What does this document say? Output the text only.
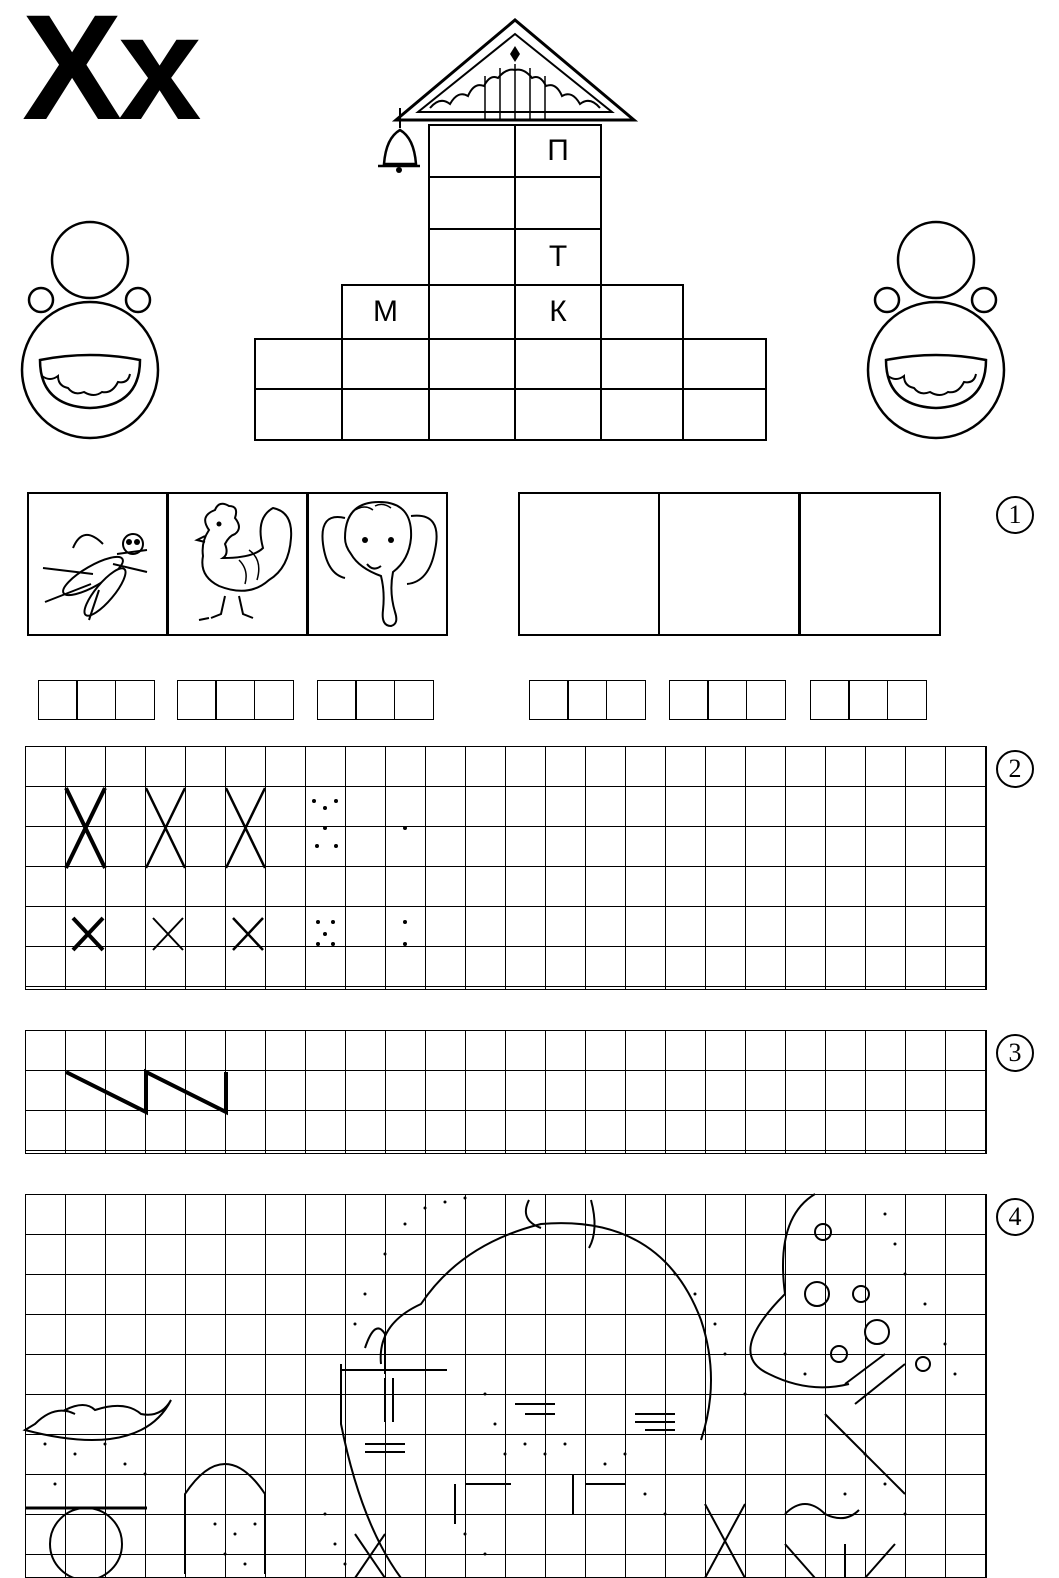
Xx	П
Т
М	К
1
2
3
4
